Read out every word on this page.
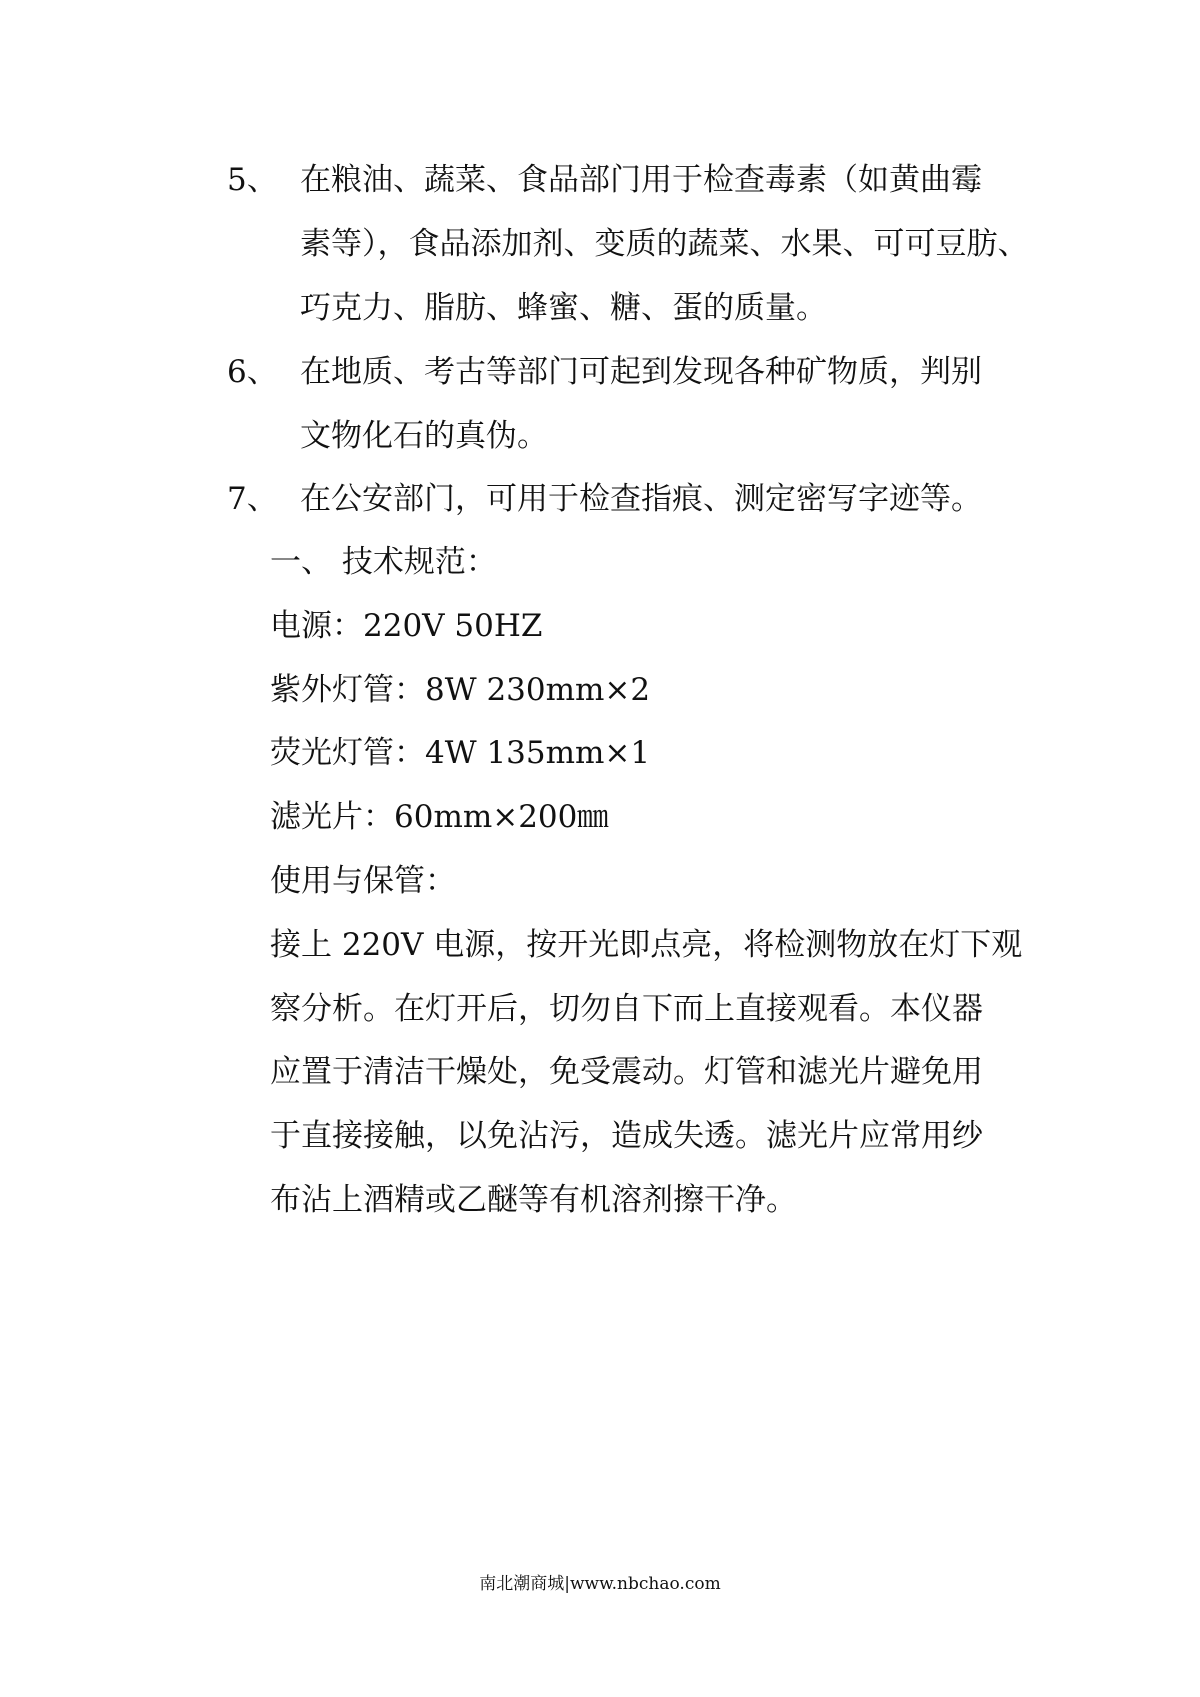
5、 在粮油、蔬菜、食品部门用于检查毒素（如黄曲霉
素等），食品添加剂、变质的蔬菜、水果、可可豆肪、
巧克力、脂肪、蜂蜜、糖、蛋的质量。
6、 在地质、考古等部门可起到发现各种矿物质，判别
文物化石的真伪。
7、 在公安部门，可用于检查指痕、测定密写字迹等。
一、 技术规范：
电源：220V 50HZ
紫外灯管：8W 230mm×2
荧光灯管：4W 135mm×1
滤光片：60mm×200㎜
使用与保管：
接上 220V 电源，按开光即点亮，将检测物放在灯下观
察分析。在灯开后，切勿自下而上直接观看。本仪器
应置于清洁干燥处，免受震动。灯管和滤光片避免用
于直接接触，以免沾污，造成失透。滤光片应常用纱
布沾上酒精或乙醚等有机溶剂擦干净。
南北潮商城|www.nbchao.com
